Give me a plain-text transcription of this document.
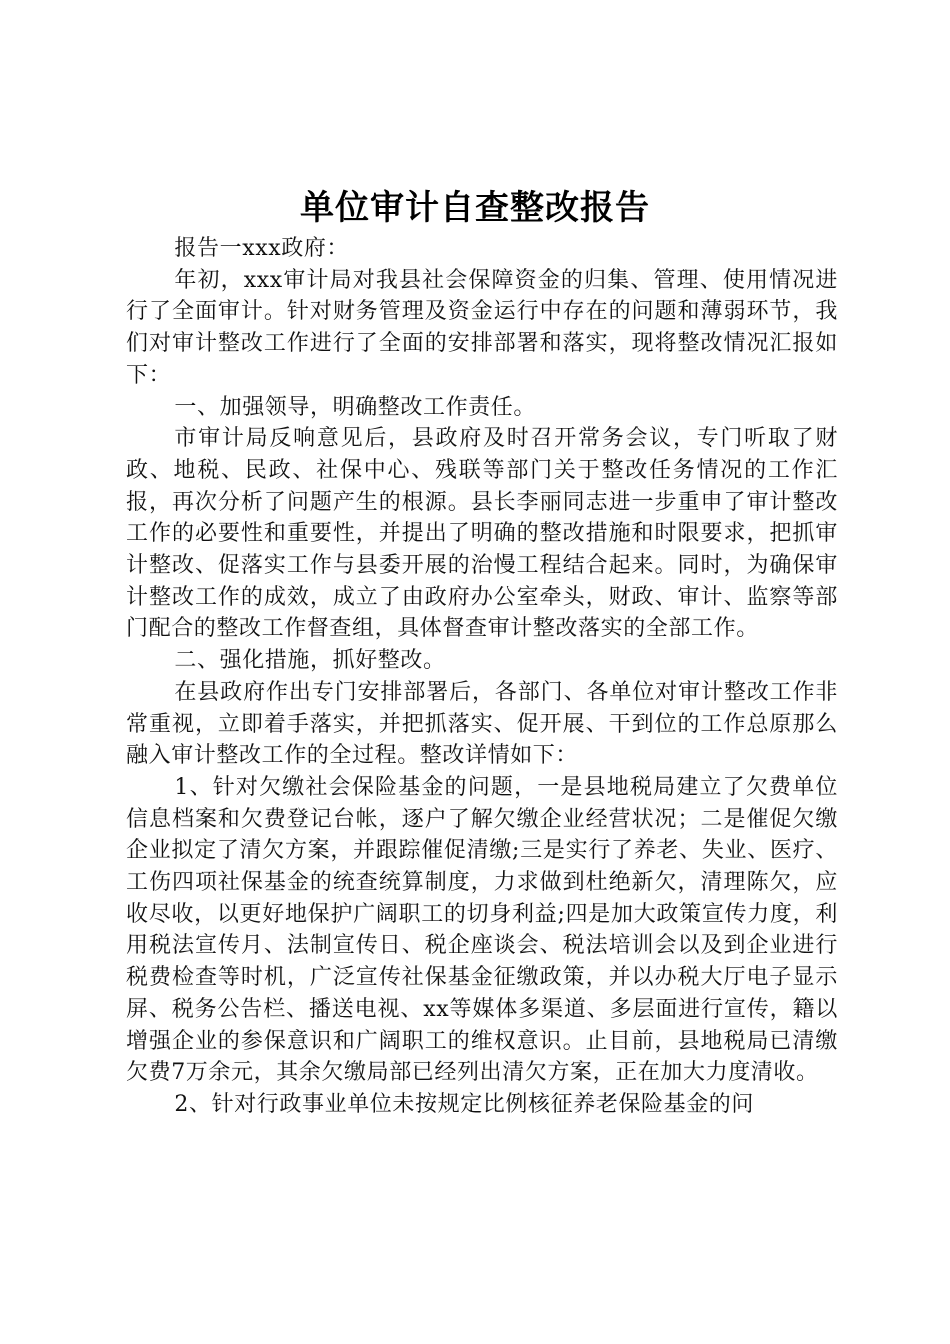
单位审计自查整改报告

报告一xxx政府：

年初，xxx审计局对我县社会保障资金的归集、管理、使用情况进行了全面审计。针对财务管理及资金运行中存在的问题和薄弱环节，我们对审计整改工作进行了全面的安排部署和落实，现将整改情况汇报如下：

一、加强领导，明确整改工作责任。

市审计局反响意见后，县政府及时召开常务会议，专门听取了财政、地税、民政、社保中心、残联等部门关于整改任务情况的工作汇报，再次分析了问题产生的根源。县长李丽同志进一步重申了审计整改工作的必要性和重要性，并提出了明确的整改措施和时限要求，把抓审计整改、促落实工作与县委开展的治慢工程结合起来。同时，为确保审计整改工作的成效，成立了由政府办公室牵头，财政、审计、监察等部门配合的整改工作督查组，具体督查审计整改落实的全部工作。

二、强化措施，抓好整改。

在县政府作出专门安排部署后，各部门、各单位对审计整改工作非常重视，立即着手落实，并把抓落实、促开展、干到位的工作总原那么融入审计整改工作的全过程。整改详情如下：

1、针对欠缴社会保险基金的问题，一是县地税局建立了欠费单位信息档案和欠费登记台帐，逐户了解欠缴企业经营状况；二是催促欠缴企业拟定了清欠方案，并跟踪催促清缴;三是实行了养老、失业、医疗、工伤四项社保基金的统查统算制度，力求做到杜绝新欠，清理陈欠，应收尽收，以更好地保护广阔职工的切身利益;四是加大政策宣传力度，利用税法宣传月、法制宣传日、税企座谈会、税法培训会以及到企业进行税费检查等时机，广泛宣传社保基金征缴政策，并以办税大厅电子显示屏、税务公告栏、播送电视、xx等媒体多渠道、多层面进行宣传，籍以增强企业的参保意识和广阔职工的维权意识。止目前，县地税局已清缴欠费7万余元，其余欠缴局部已经列出清欠方案，正在加大力度清收。

2、针对行政事业单位未按规定比例核征养老保险基金的问
